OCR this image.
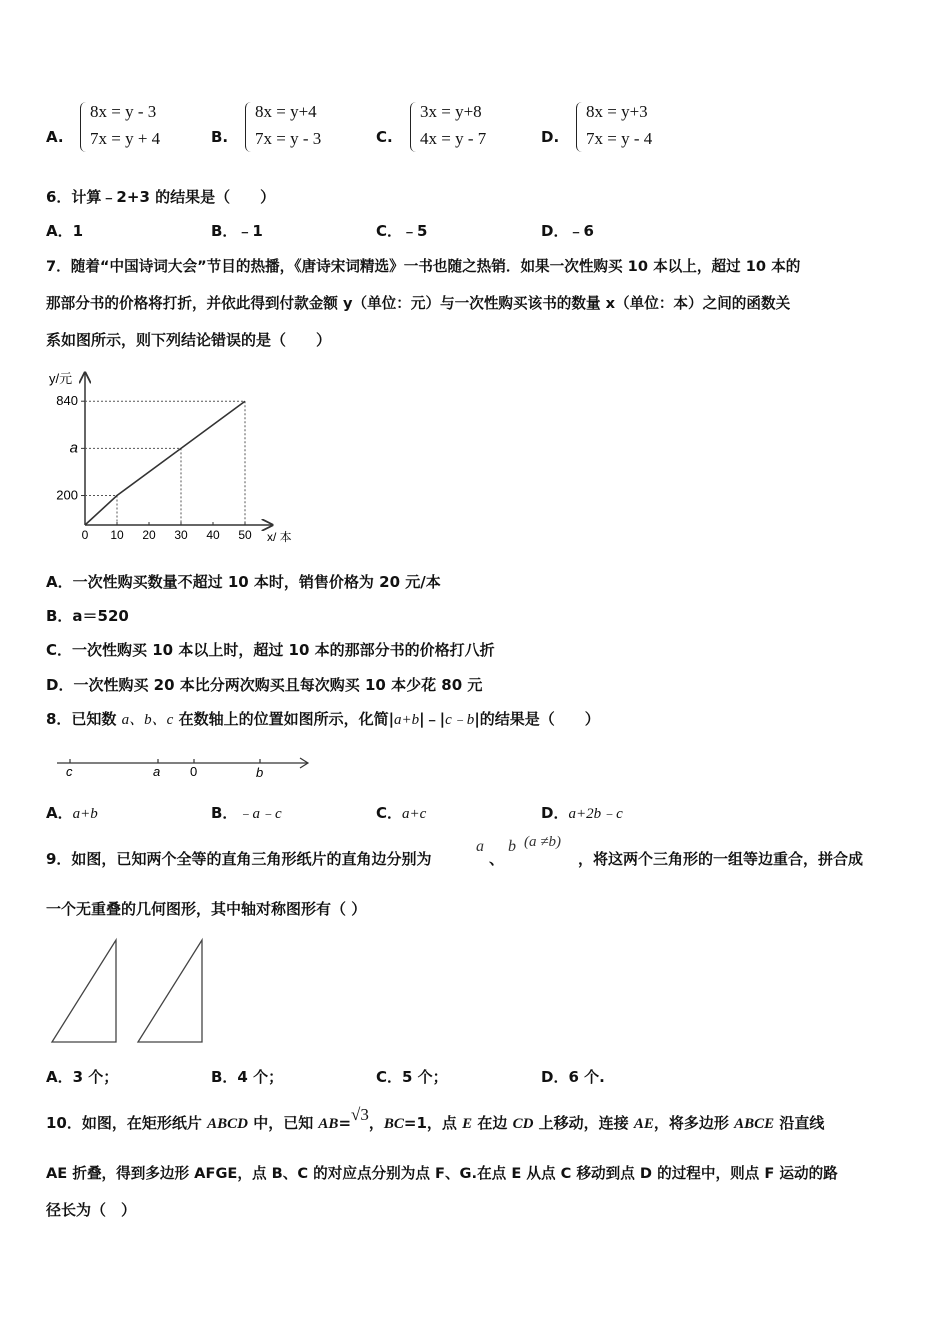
A.
8x = y - 3
7x = y + 4	B.
8x = y+4
7x = y - 3	C.
3x = y+8
4x = y - 7	D.
8x = y+3
7x = y - 4
6．计算﹣2+3 的结果是（　　）
A．1	B．﹣1	C．﹣5	D．﹣6
7．随着“中国诗词大会”节目的热播，《唐诗宋词精选》一书也随之热销．如果一次性购买 10 本以上，超过 10 本的
那部分书的价格将打折，并依此得到付款金额 y（单位：元）与一次性购买该书的数量 x（单位：本）之间的函数关
系如图所示，则下列结论错误的是（　　）
y/元
x/ 本
0 10 20 30 40 50
200
a
840
A．一次性购买数量不超过 10 本时，销售价格为 20 元/本
B．a＝520
C．一次性购买 10 本以上时，超过 10 本的那部分书的价格打八折
D．一次性购买 20 本比分两次购买且每次购买 10 本少花 80 元
8．已知数 a、b、c 在数轴上的位置如图所示，化简|a+b|﹣|c﹣b|的结果是（　　）
c	a 0	b
A．a+b	B．﹣a﹣c	C．a+c	D．a+2b﹣c
9．如图，已知两个全等的直角三角形纸片的直角边分别为
a
、
b (a ≠b)
，将这两个三角形的一组等边重合，拼合成
一个无重叠的几何图形，其中轴对称图形有（ ）
A．3 个；	B．4 个；	C．5 个；	D．6 个.
10．如图，在矩形纸片 ABCD 中，已知 AB=√3，BC=1，点 E 在边 CD 上移动，连接 AE，将多边形 ABCE 沿直线
AE 折叠，得到多边形 AFGE，点 B、C 的对应点分别为点 F、G.在点 E 从点 C 移动到点 D 的过程中，则点 F 运动的路
径长为（　）
